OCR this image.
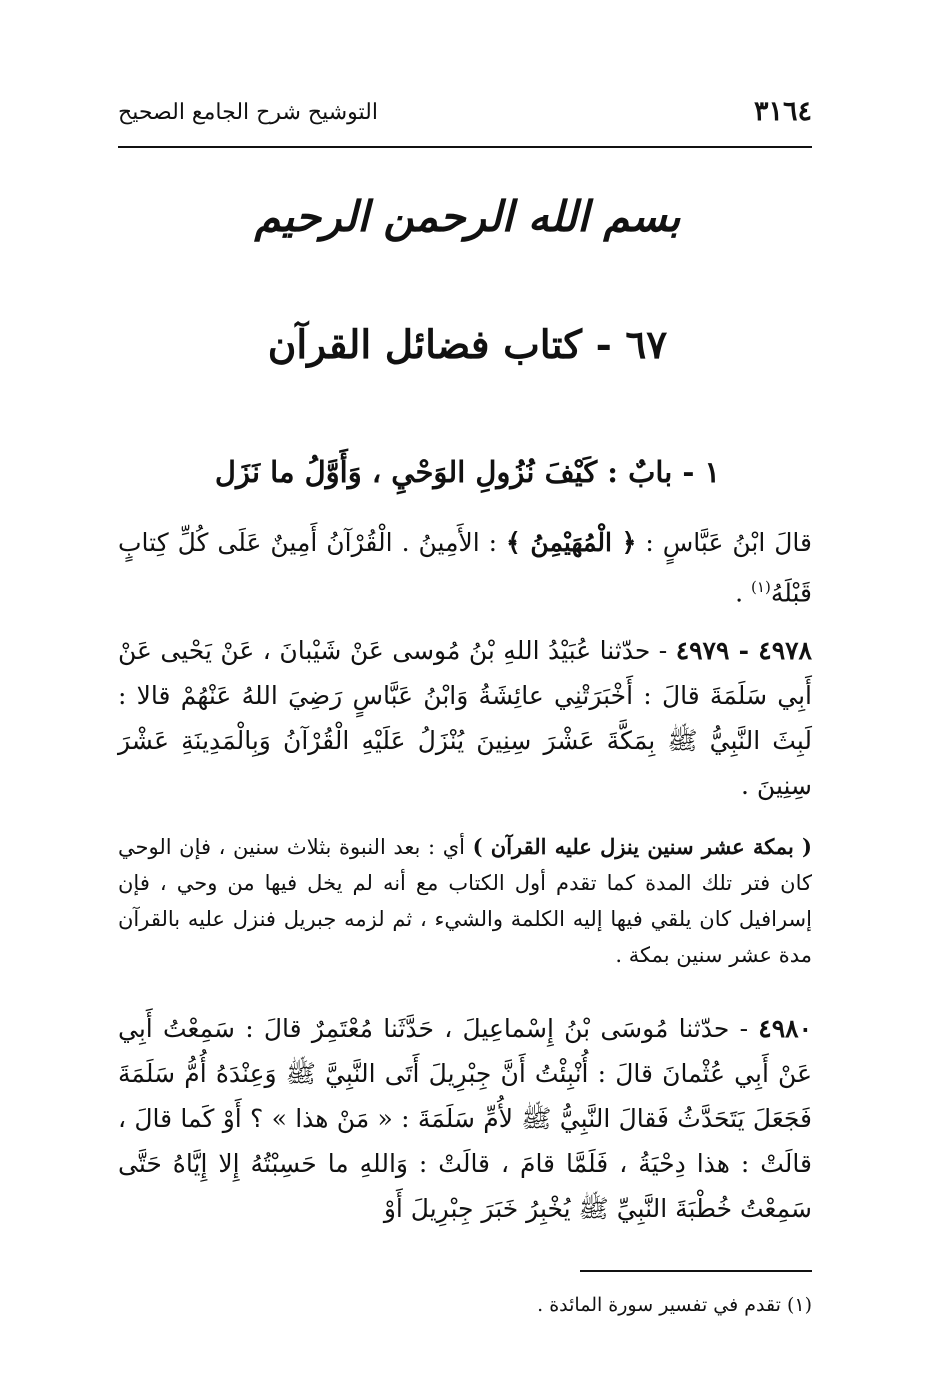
٣١٦٤
التوشيح شرح الجامع الصحيح
بسم الله الرحمن الرحيم
٦٧ - كتاب فضائل القرآن
١ - بابٌ : كَيْفَ نُزُولِ الوَحْيِ ، وَأَوَّلُ ما نَزَل
قالَ ابْنُ عَبَّاسٍ : ﴿ الْمُهَيْمِنُ ﴾ : الأَمِينُ . الْقُرْآنُ أَمِينٌ عَلَى كُلِّ كِتابٍ قَبْلَهُ$^{(١)}$ .
٤٩٧٨ - ٤٩٧٩ - حدّثنا عُبَيْدُ اللهِ بْنُ مُوسى عَنْ شَيْبانَ ، عَنْ يَحْيى عَنْ أَبِي سَلَمَةَ قالَ : أَخْبَرَتْنِي عائِشَةُ وَابْنُ عَبَّاسٍ رَضِيَ اللهُ عَنْهُمْ قالا : لَبِثَ النَّبِيُّ ﷺ بِمَكَّةَ عَشْرَ سِنِينَ يُنْزَلُ عَلَيْهِ الْقُرْآنُ وَبِالْمَدِينَةِ عَشْرَ سِنِينَ .
( بمكة عشر سنين ينزل عليه القرآن ) أي : بعد النبوة بثلاث سنين ، فإن الوحي كان فتر تلك المدة كما تقدم أول الكتاب مع أنه لم يخل فيها من وحي ، فإن إسرافيل كان يلقي فيها إليه الكلمة والشيء ، ثم لزمه جبريل فنزل عليه بالقرآن مدة عشر سنين بمكة .
٤٩٨٠ - حدّثنا مُوسَى بْنُ إِسْماعِيلَ ، حَدَّثَنا مُعْتَمِرٌ قالَ : سَمِعْتُ أَبِي عَنْ أَبِي عُثْمانَ قالَ : أُنْبِئْتُ أَنَّ جِبْرِيلَ أَتَى النَّبِيَّ ﷺ وَعِنْدَهُ أُمُّ سَلَمَةَ فَجَعَلَ يَتَحَدَّثُ فَقالَ النَّبِيُّ ﷺ لأُمِّ سَلَمَةَ : « مَنْ هذا » ؟ أَوْ كَما قالَ ، قالَتْ : هذا دِحْيَةُ ، فَلَمَّا قامَ ، قالَتْ : وَاللهِ ما حَسِبْتُهُ إِلا إِيَّاهُ حَتَّى سَمِعْتُ خُطْبَةَ النَّبِيِّ ﷺ يُخْبِرُ خَبَرَ جِبْرِيلَ أَوْ
(١) تقدم في تفسير سورة المائدة .
